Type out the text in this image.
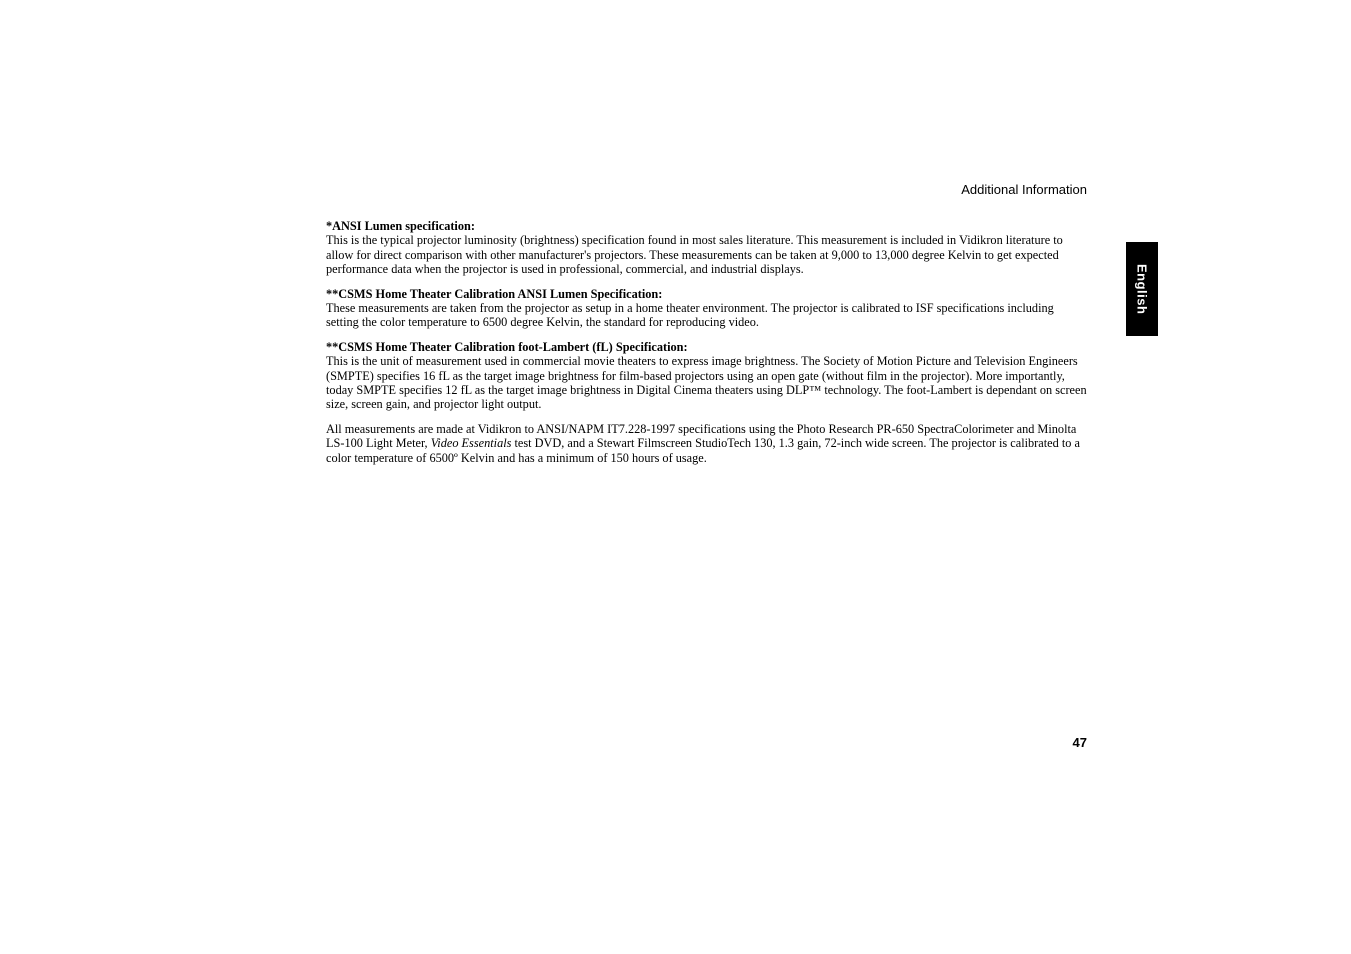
Additional Information
English

*ANSI Lumen specification:

This is the typical projector luminosity (brightness) specification found in most sales literature. This measurement is included in Vidikron literature to allow for direct comparison with other manufacturer's projectors. These measurements can be taken at 9,000 to 13,000 degree Kelvin to get expected performance data when the projector is used in professional, commercial, and industrial displays.

**CSMS Home Theater Calibration ANSI Lumen Specification:

These measurements are taken from the projector as setup in a home theater environment. The projector is calibrated to ISF specifications including setting the color temperature to 6500 degree Kelvin, the standard for reproducing video.

**CSMS Home Theater Calibration foot-Lambert (fL) Specification:

This is the unit of measurement used in commercial movie theaters to express image brightness. The Society of Motion Picture and Television Engineers (SMPTE) specifies 16 fL as the target image brightness for film-based projectors using an open gate (without film in the projector). More importantly, today SMPTE specifies 12 fL as the target image brightness in Digital Cinema theaters using DLP™ technology. The foot-Lambert is dependant on screen size, screen gain, and projector light output.

All measurements are made at Vidikron to ANSI/NAPM IT7.228-1997 specifications using the Photo Research PR-650 SpectraColorimeter and Minolta LS-100 Light Meter, Video Essentials test DVD, and a Stewart Filmscreen StudioTech 130, 1.3 gain, 72-inch wide screen. The projector is calibrated to a color temperature of 6500º Kelvin and has a minimum of 150 hours of usage.

47
